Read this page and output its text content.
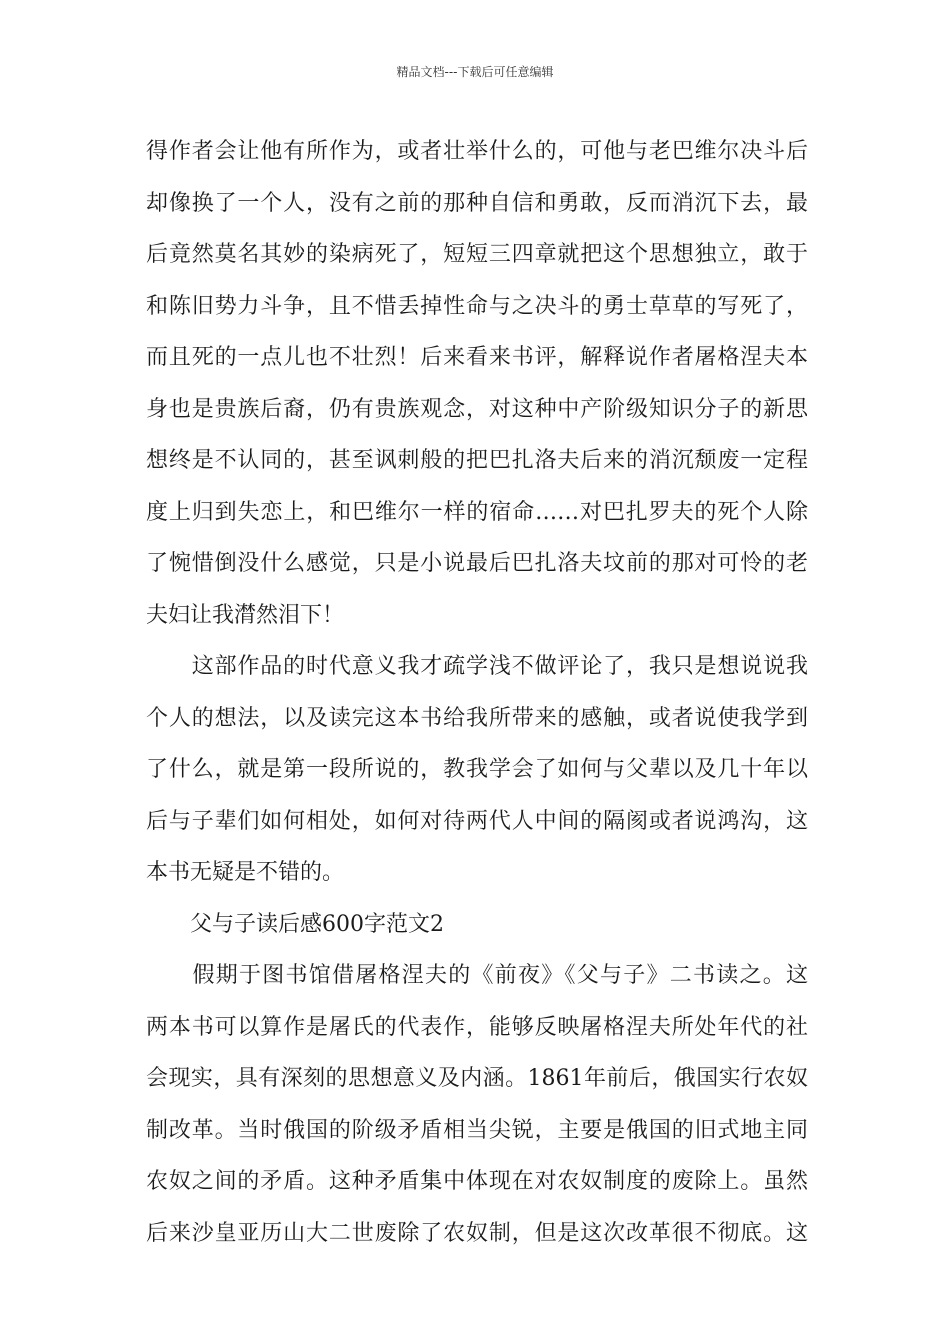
精品文档---下载后可任意编辑
得作者会让他有所作为，或者壮举什么的，可他与老巴维尔决斗后
却像换了一个人，没有之前的那种自信和勇敢，反而消沉下去，最
后竟然莫名其妙的染病死了，短短三四章就把这个思想独立，敢于
和陈旧势力斗争，且不惜丢掉性命与之决斗的勇士草草的写死了，
而且死的一点儿也不壮烈！后来看来书评，解释说作者屠格涅夫本
身也是贵族后裔，仍有贵族观念，对这种中产阶级知识分子的新思
想终是不认同的，甚至讽刺般的把巴扎洛夫后来的消沉颓废一定程
度上归到失恋上，和巴维尔一样的宿命……对巴扎罗夫的死个人除
了惋惜倒没什么感觉，只是小说最后巴扎洛夫坟前的那对可怜的老
夫妇让我潸然泪下！
　　这部作品的时代意义我才疏学浅不做评论了，我只是想说说我
个人的想法，以及读完这本书给我所带来的感触，或者说使我学到
了什么，就是第一段所说的，教我学会了如何与父辈以及几十年以
后与子辈们如何相处，如何对待两代人中间的隔阂或者说鸿沟，这
本书无疑是不错的。
　　父与子读后感600字范文2
　　假期于图书馆借屠格涅夫的《前夜》《父与子》二书读之。这
两本书可以算作是屠氏的代表作，能够反映屠格涅夫所处年代的社
会现实，具有深刻的思想意义及内涵。1861年前后，俄国实行农奴
制改革。当时俄国的阶级矛盾相当尖锐，主要是俄国的旧式地主同
农奴之间的矛盾。这种矛盾集中体现在对农奴制度的废除上。虽然
后来沙皇亚历山大二世废除了农奴制，但是这次改革很不彻底。这
